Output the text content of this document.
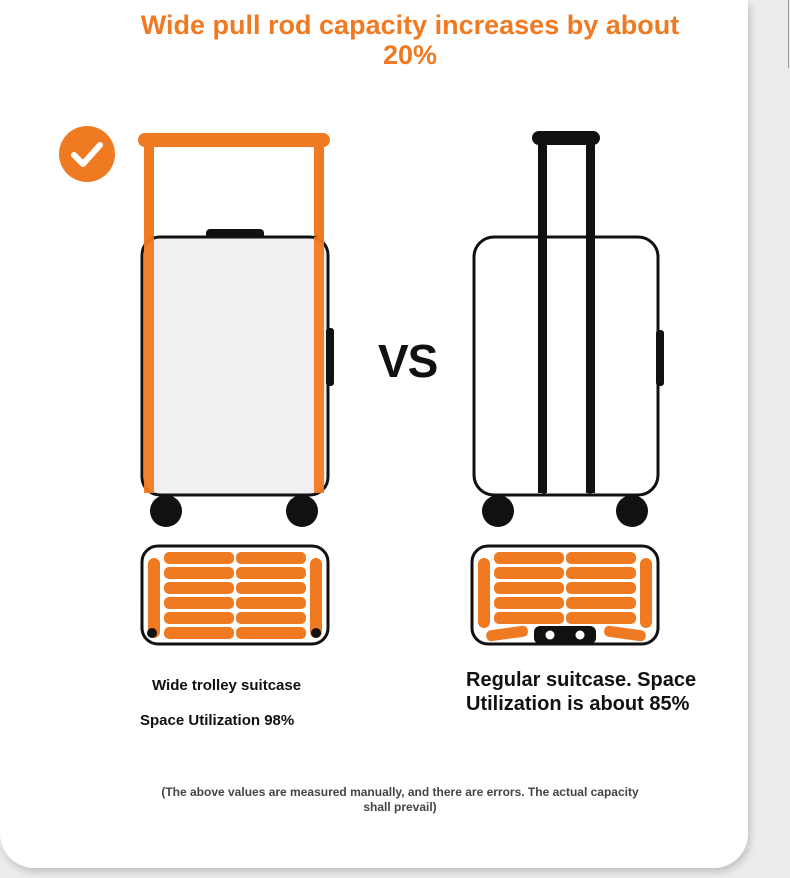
Wide pull rod capacity increases by about 20%
VS
Wide trolley suitcase
Space Utilization 98%
Regular suitcase. Space Utilization is about 85%
(The above values are measured manually, and there are errors. The actual capacity shall prevail)
